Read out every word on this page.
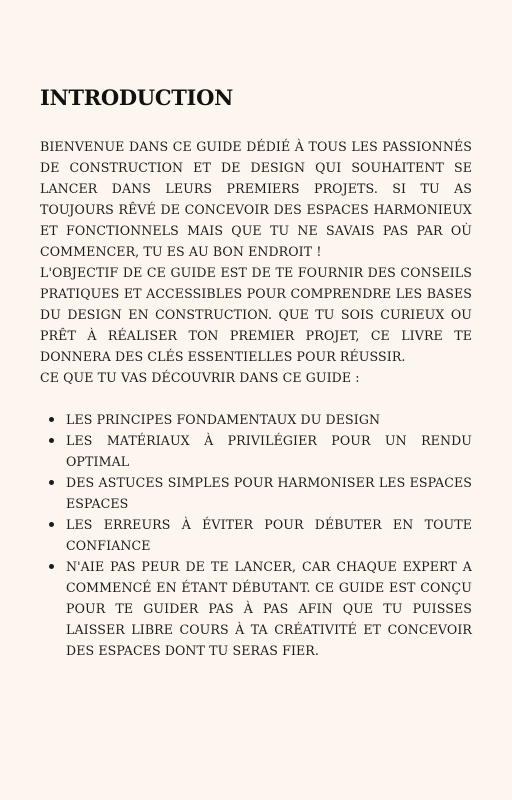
INTRODUCTION

BIENVENUE DANS CE GUIDE DÉDIÉ À TOUS LES PASSIONNÉS DE CONSTRUCTION ET DE DESIGN QUI SOUHAITENT SE LANCER DANS LEURS PREMIERS PROJETS. SI TU AS TOUJOURS RÊVÉ DE CONCEVOIR DES ESPACES HARMONIEUX ET FONCTIONNELS MAIS QUE TU NE SAVAIS PAS PAR OÙ COMMENCER, TU ES AU BON ENDROIT !

L'OBJECTIF DE CE GUIDE EST DE TE FOURNIR DES CONSEILS PRATIQUES ET ACCESSIBLES POUR COMPRENDRE LES BASES DU DESIGN EN CONSTRUCTION. QUE TU SOIS CURIEUX OU PRÊT À RÉALISER TON PREMIER PROJET, CE LIVRE TE DONNERA DES CLÉS ESSENTIELLES POUR RÉUSSIR.

CE QUE TU VAS DÉCOUVRIR DANS CE GUIDE :

LES PRINCIPES FONDAMENTAUX DU DESIGN
LES MATÉRIAUX À PRIVILÉGIER POUR UN RENDU OPTIMAL
DES ASTUCES SIMPLES POUR HARMONISER LES ESPACES ESPACES
LES ERREURS À ÉVITER POUR DÉBUTER EN TOUTE CONFIANCE
N'AIE PAS PEUR DE TE LANCER, CAR CHAQUE EXPERT A COMMENCÉ EN ÉTANT DÉBUTANT. CE GUIDE EST CONÇU POUR TE GUIDER PAS À PAS AFIN QUE TU PUISSES LAISSER LIBRE COURS À TA CRÉATIVITÉ ET CONCEVOIR DES ESPACES DONT TU SERAS FIER.
